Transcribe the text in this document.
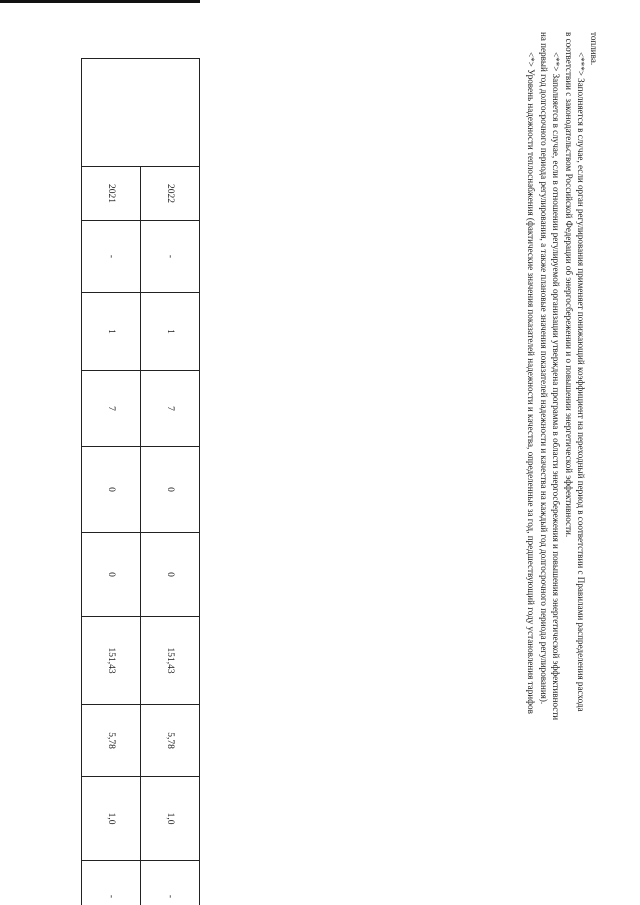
	2022	-	1	7	0	0	151,43	5,78	1,0	-
	2021	-	1	7	0	0	151,43	5,78	1,0	-

топлива.

<***> Заполняется в случае, если орган регулирования применяет понижающий коэффициент на переходный период в соответствии с Правилами распределения расхода

в соответствии с законодательством Российской Федерации об энергосбережении и о повышении энергетической эффективности.

<**> Заполняется в случае, если в отношении регулируемой организации утверждена программа в области энергосбережения и повышения энергетической эффективности

на первый год долгосрочного периода регулирования, а также плановые значения показателей надежности и качества на каждый год долгосрочного периода регулирования).

<*> Уровень надежности теплоснабжения (фактические значения показателей надежности и качества, определенные за год, предшествующий году установления тарифов
